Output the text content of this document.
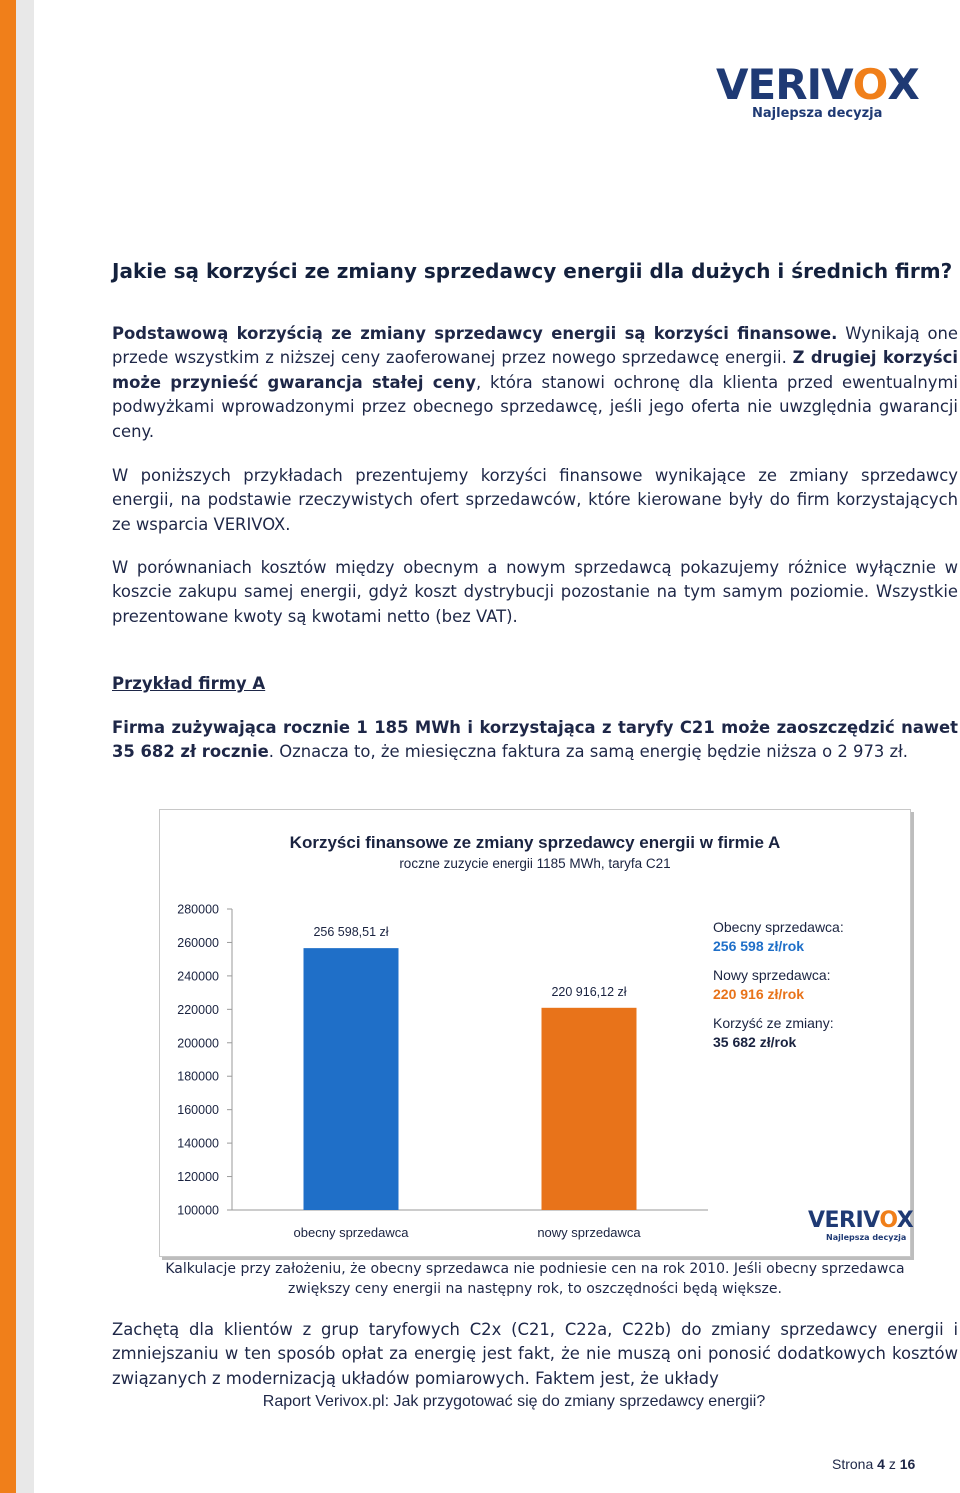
VERIVOX
Najlepsza decyzja
Jakie są korzyści ze zmiany sprzedawcy energii dla dużych i średnich firm?
Podstawową korzyścią ze zmiany sprzedawcy energii są korzyści finansowe. Wynikają one przede wszystkim z niższej ceny zaoferowanej przez nowego sprzedawcę energii. Z drugiej korzyści może przynieść gwarancja stałej ceny, która stanowi ochronę dla klienta przed ewentualnymi podwyżkami wprowadzonymi przez obecnego sprzedawcę, jeśli jego oferta nie uwzględnia gwarancji ceny.
W poniższych przykładach prezentujemy korzyści finansowe wynikające ze zmiany sprzedawcy energii, na podstawie rzeczywistych ofert sprzedawców, które kierowane były do firm korzystających ze wsparcia VERIVOX.
W porównaniach kosztów między obecnym a nowym sprzedawcą pokazujemy różnice wyłącznie w koszcie zakupu samej energii, gdyż koszt dystrybucji pozostanie na tym samym poziomie. Wszystkie prezentowane kwoty są kwotami netto (bez VAT).
Przykład firmy A
Firma zużywająca rocznie 1 185 MWh i korzystająca z taryfy C21 może zaoszczędzić nawet 35 682 zł rocznie. Oznacza to, że miesięczna faktura za samą energię będzie niższa o 2 973 zł.
Korzyści finansowe ze zmiany sprzedawcy energii w firmie A
roczne zuzycie energii 1185 MWh, taryfa C21
280000
260000
240000
220000
200000
180000
160000
140000
120000
100000
256 598,51 zł
obecny sprzedawca
220 916,12 zł
nowy sprzedawca
Obecny sprzedawca:
256 598 zł/rok
Nowy sprzedawca:
220 916 zł/rok
Korzyść ze zmiany:
35 682 zł/rok
VERIVOX
Najlepsza decyzja
Kalkulacje przy założeniu, że obecny sprzedawca nie podniesie cen na rok 2010. Jeśli obecny sprzedawca zwiększy ceny energii na następny rok, to oszczędności będą większe.
Zachętą dla klientów z grup taryfowych C2x (C21, C22a, C22b) do zmiany sprzedawcy energii i zmniejszaniu w ten sposób opłat za energię jest fakt, że nie muszą oni ponosić dodatkowych kosztów związanych z modernizacją układów pomiarowych. Faktem jest, że układy
Raport Verivox.pl: Jak przygotować się do zmiany sprzedawcy energii?
Strona 4 z 16
